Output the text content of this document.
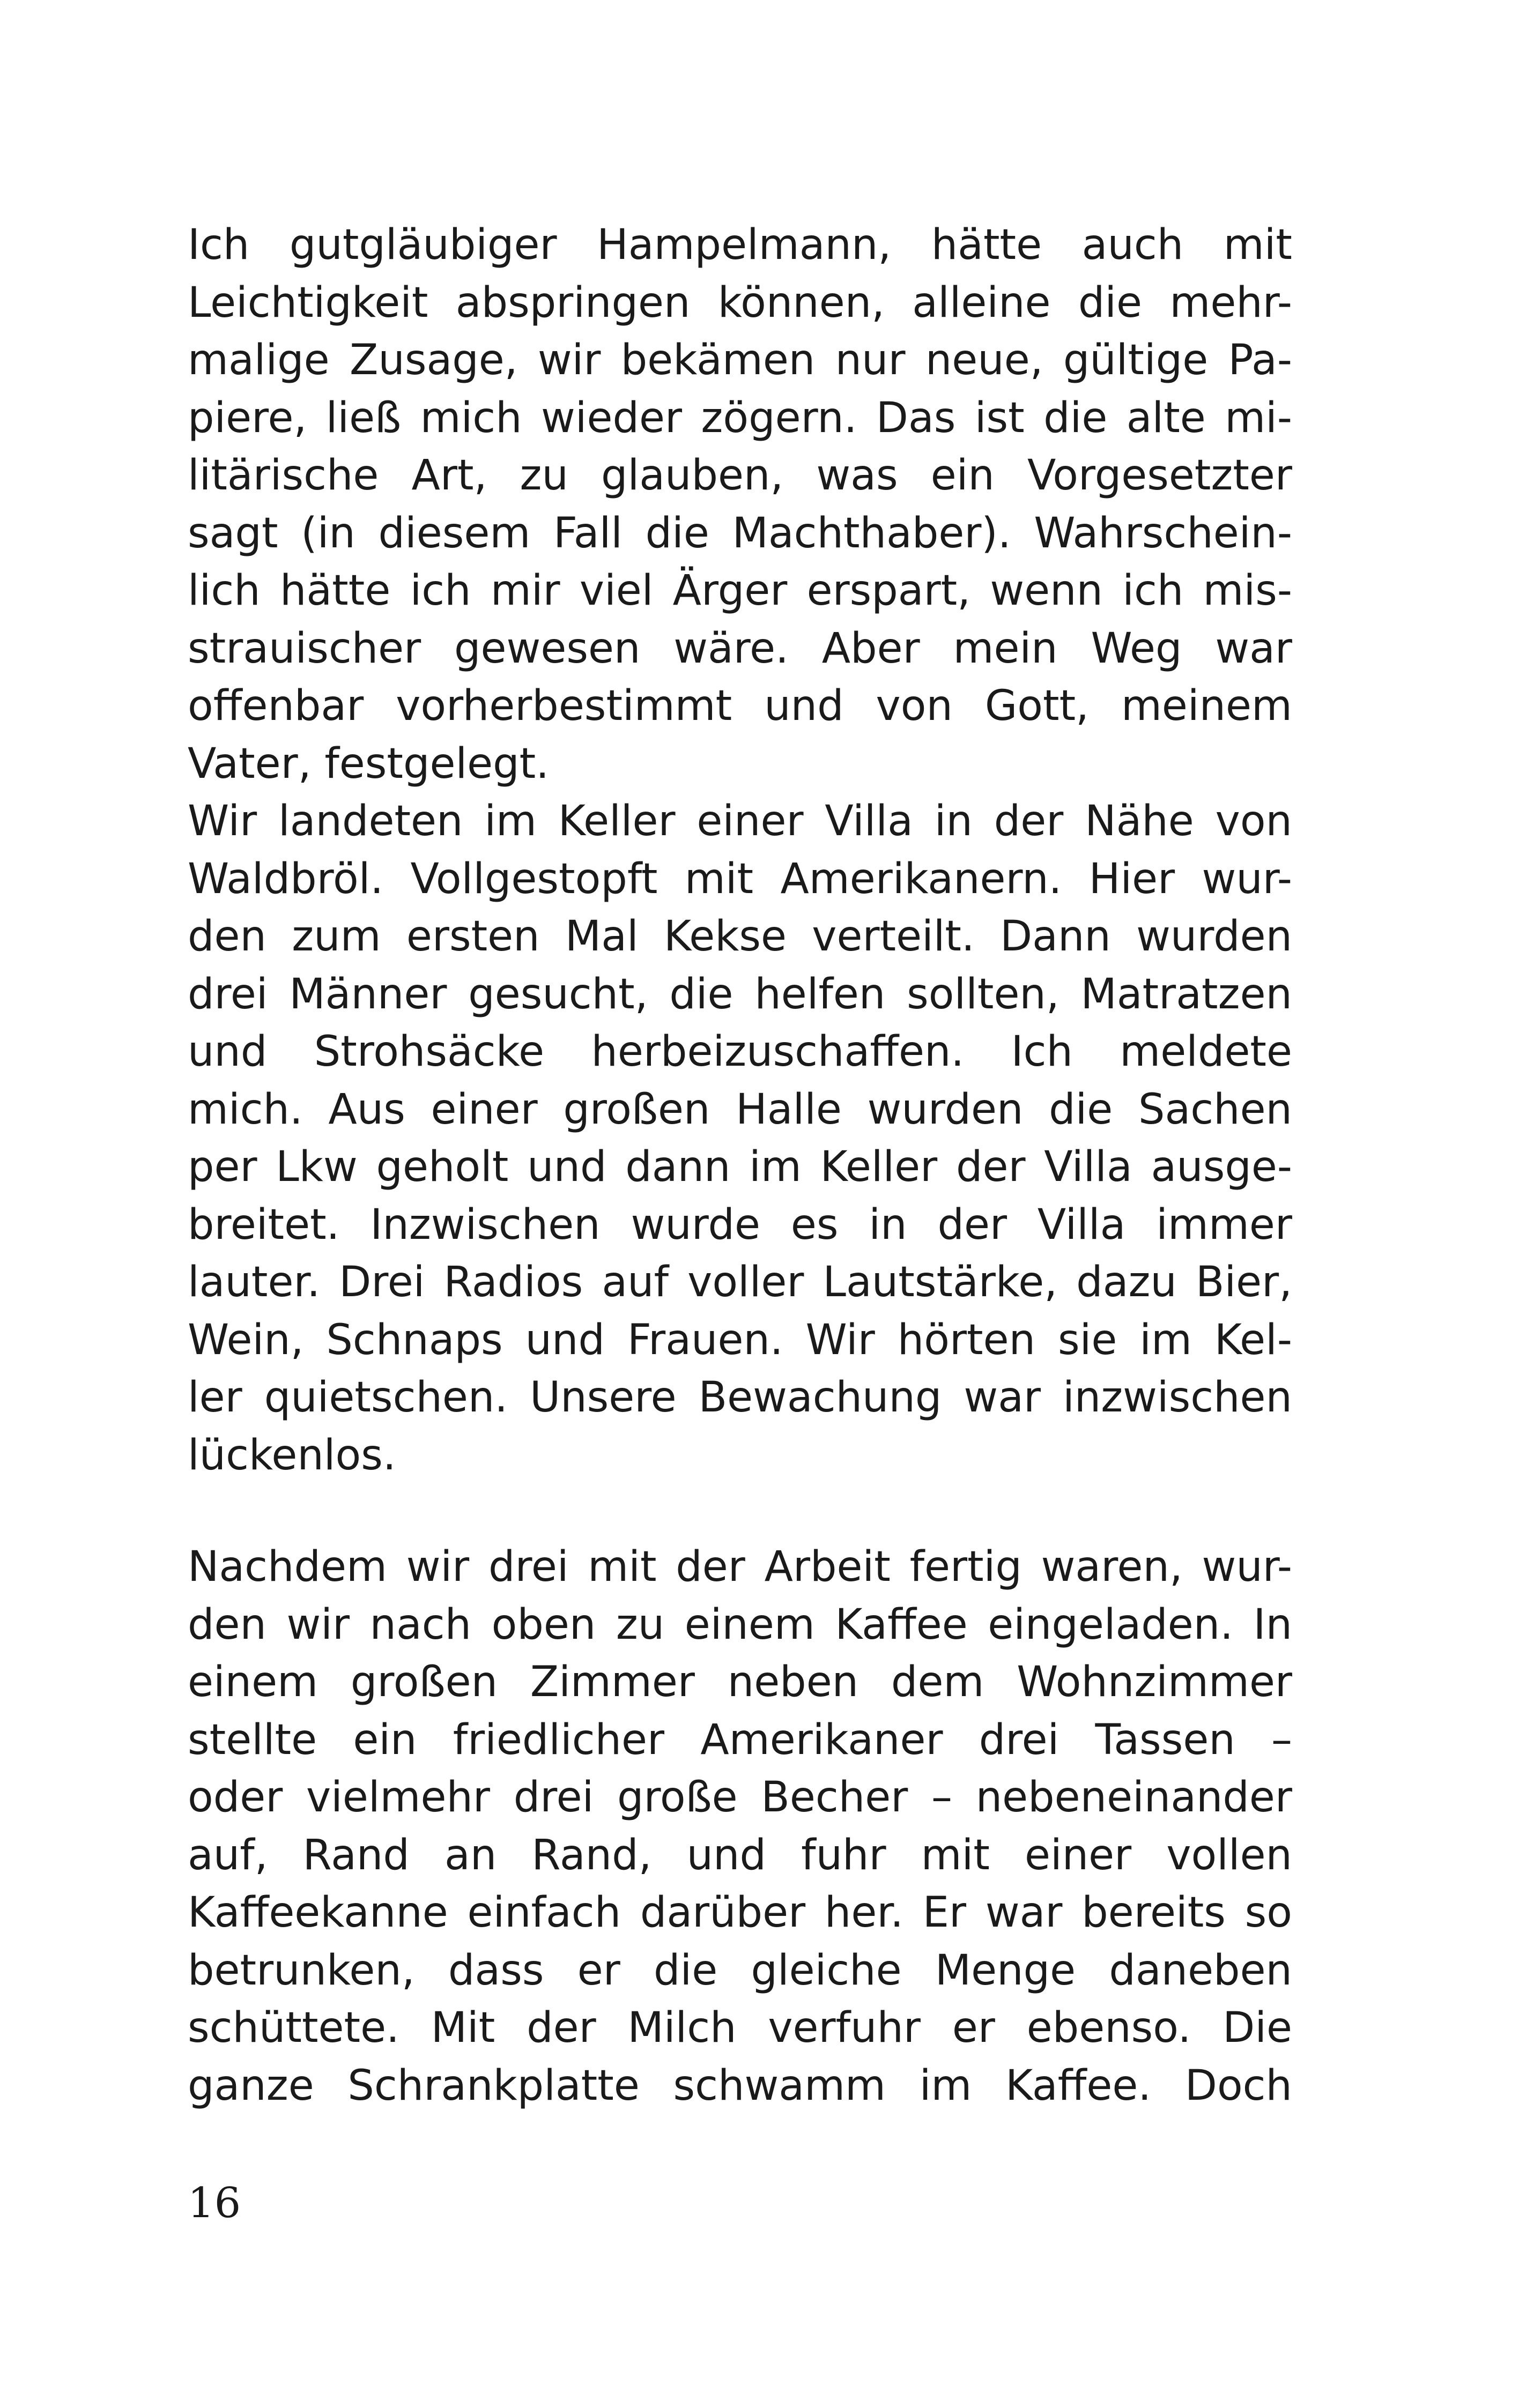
Ich gutgläubiger Hampelmann, hätte auch mit
Leichtigkeit abspringen können, alleine die mehr-
malige Zusage, wir bekämen nur neue, gültige Pa-
piere, ließ mich wieder zögern. Das ist die alte mi-
litärische Art, zu glauben, was ein Vorgesetzter
sagt (in diesem Fall die Machthaber). Wahrschein-
lich hätte ich mir viel Ärger erspart, wenn ich mis-
strauischer gewesen wäre. Aber mein Weg war
offenbar vorherbestimmt und von Gott, meinem
Vater, festgelegt.
Wir landeten im Keller einer Villa in der Nähe von
Waldbröl. Vollgestopft mit Amerikanern. Hier wur-
den zum ersten Mal Kekse verteilt. Dann wurden
drei Männer gesucht, die helfen sollten, Matratzen
und Strohsäcke herbeizuschaffen. Ich meldete
mich. Aus einer großen Halle wurden die Sachen
per Lkw geholt und dann im Keller der Villa ausge-
breitet. Inzwischen wurde es in der Villa immer
lauter. Drei Radios auf voller Lautstärke, dazu Bier,
Wein, Schnaps und Frauen. Wir hörten sie im Kel-
ler quietschen. Unsere Bewachung war inzwischen
lückenlos.
Nachdem wir drei mit der Arbeit fertig waren, wur-
den wir nach oben zu einem Kaffee eingeladen. In
einem großen Zimmer neben dem Wohnzimmer
stellte ein friedlicher Amerikaner drei Tassen –
oder vielmehr drei große Becher – nebeneinander
auf, Rand an Rand, und fuhr mit einer vollen
Kaffeekanne einfach darüber her. Er war bereits so
betrunken, dass er die gleiche Menge daneben
schüttete. Mit der Milch verfuhr er ebenso. Die
ganze Schrankplatte schwamm im Kaffee. Doch
16
